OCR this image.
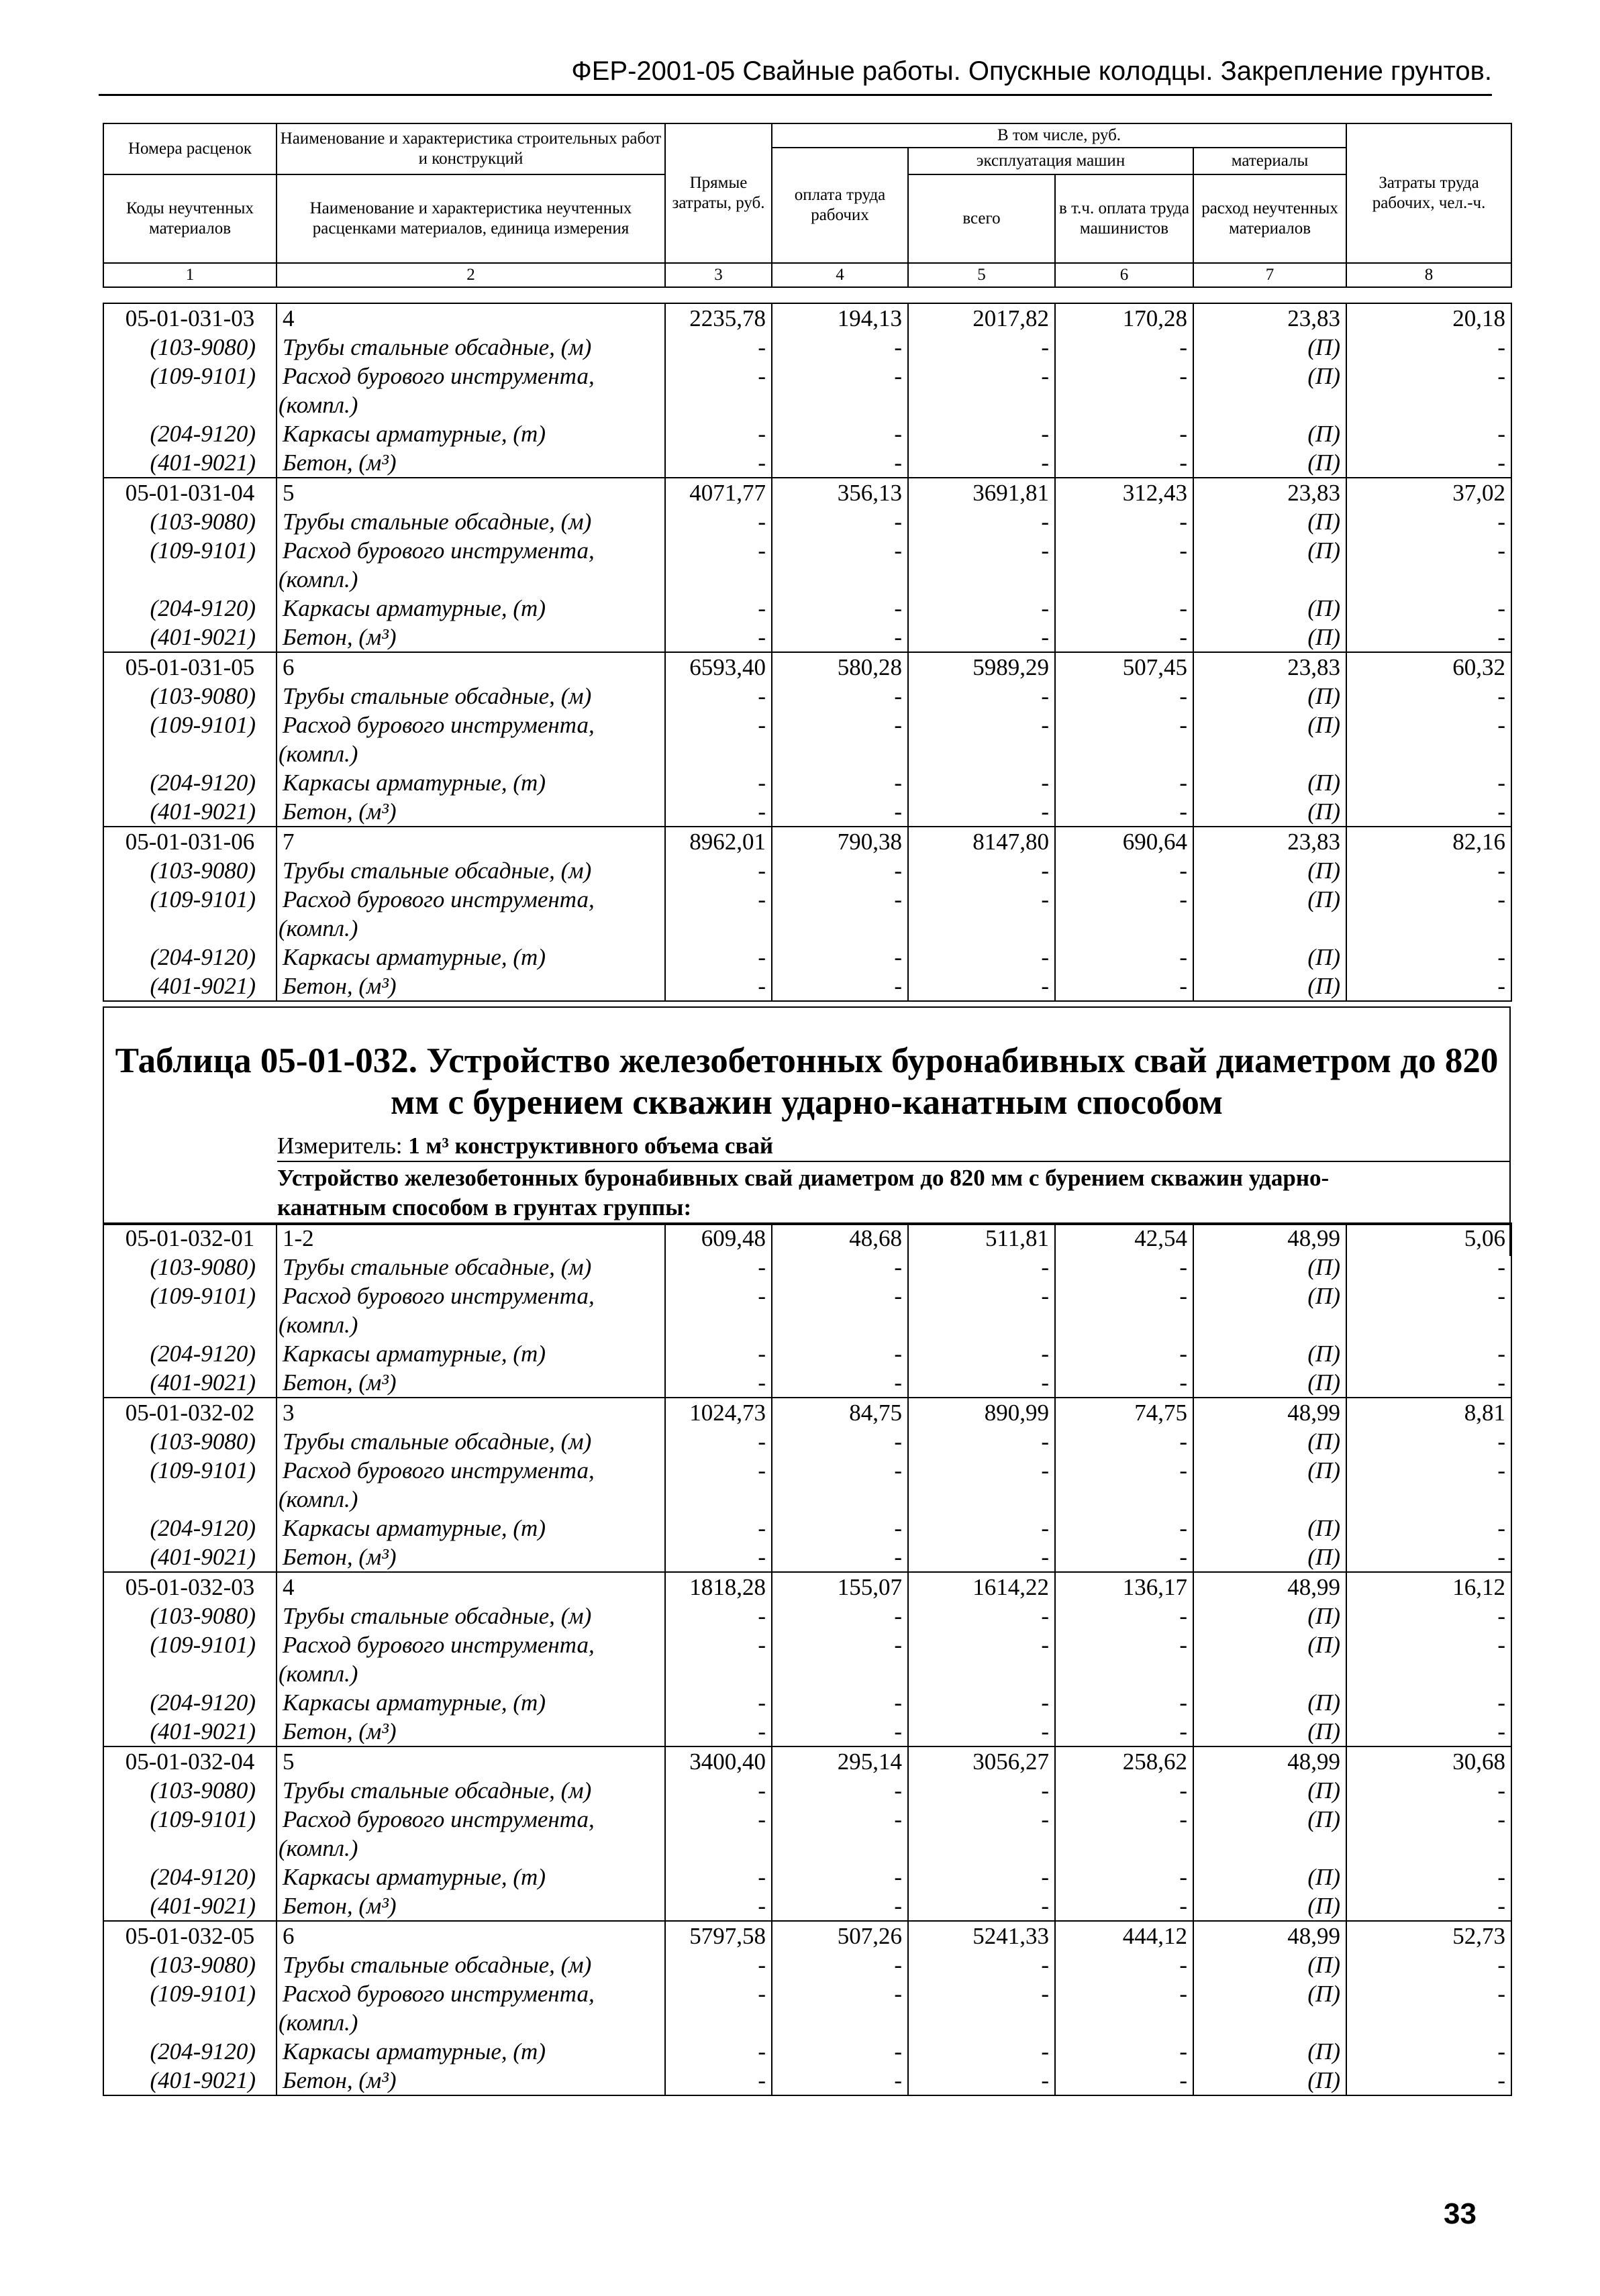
ФЕР-2001-05 Свайные работы. Опускные колодцы. Закрепление грунтов.
Номера расценок	Наименование и характеристика строительных работ и конструкций	Прямые затраты, руб.	В том числе, руб.				Затраты труда рабочих, чел.-ч.
			оплата труда рабочих	эксплуатация машин		материалы	
Коды неучтенных материалов	Наименование и характеристика неучтенных расценками материалов, единица измерения			всего	в т.ч. оплата труда машинистов	расход неучтенных материалов	

1	2	3	4	5	6	7	8
05-01-031-03	4	2235,78	194,13	2017,82	170,28	23,83	20,18
(103-9080)	Трубы стальные обсадные, (м)	-	-	-	-	(П)	-
(109-9101)	Расход бурового инструмента,	-	-	-	-	(П)	-
	(компл.)						
(204-9120)	Каркасы арматурные, (т)	-	-	-	-	(П)	-
(401-9021)	Бетон, (м³)	-	-	-	-	(П)	-
05-01-031-04	5	4071,77	356,13	3691,81	312,43	23,83	37,02
(103-9080)	Трубы стальные обсадные, (м)	-	-	-	-	(П)	-
(109-9101)	Расход бурового инструмента,	-	-	-	-	(П)	-
	(компл.)						
(204-9120)	Каркасы арматурные, (т)	-	-	-	-	(П)	-
(401-9021)	Бетон, (м³)	-	-	-	-	(П)	-
05-01-031-05	6	6593,40	580,28	5989,29	507,45	23,83	60,32
(103-9080)	Трубы стальные обсадные, (м)	-	-	-	-	(П)	-
(109-9101)	Расход бурового инструмента,	-	-	-	-	(П)	-
	(компл.)						
(204-9120)	Каркасы арматурные, (т)	-	-	-	-	(П)	-
(401-9021)	Бетон, (м³)	-	-	-	-	(П)	-
05-01-031-06	7	8962,01	790,38	8147,80	690,64	23,83	82,16
(103-9080)	Трубы стальные обсадные, (м)	-	-	-	-	(П)	-
(109-9101)	Расход бурового инструмента,	-	-	-	-	(П)	-
	(компл.)						
(204-9120)	Каркасы арматурные, (т)	-	-	-	-	(П)	-
(401-9021)	Бетон, (м³)	-	-	-	-	(П)	-
Таблица 05-01-032. Устройство железобетонных буронабивных свай диаметром до 820 мм с бурением скважин ударно-канатным способом
Измеритель: 1 м³ конструктивного объема свай
Устройство железобетонных буронабивных свай диаметром до 820 мм с бурением скважин ударно-канатным способом в грунтах группы:
05-01-032-01	1-2	609,48	48,68	511,81	42,54	48,99	5,06
(103-9080)	Трубы стальные обсадные, (м)	-	-	-	-	(П)	-
(109-9101)	Расход бурового инструмента,	-	-	-	-	(П)	-
	(компл.)						
(204-9120)	Каркасы арматурные, (т)	-	-	-	-	(П)	-
(401-9021)	Бетон, (м³)	-	-	-	-	(П)	-
05-01-032-02	3	1024,73	84,75	890,99	74,75	48,99	8,81
(103-9080)	Трубы стальные обсадные, (м)	-	-	-	-	(П)	-
(109-9101)	Расход бурового инструмента,	-	-	-	-	(П)	-
	(компл.)						
(204-9120)	Каркасы арматурные, (т)	-	-	-	-	(П)	-
(401-9021)	Бетон, (м³)	-	-	-	-	(П)	-
05-01-032-03	4	1818,28	155,07	1614,22	136,17	48,99	16,12
(103-9080)	Трубы стальные обсадные, (м)	-	-	-	-	(П)	-
(109-9101)	Расход бурового инструмента,	-	-	-	-	(П)	-
	(компл.)						
(204-9120)	Каркасы арматурные, (т)	-	-	-	-	(П)	-
(401-9021)	Бетон, (м³)	-	-	-	-	(П)	-
05-01-032-04	5	3400,40	295,14	3056,27	258,62	48,99	30,68
(103-9080)	Трубы стальные обсадные, (м)	-	-	-	-	(П)	-
(109-9101)	Расход бурового инструмента,	-	-	-	-	(П)	-
	(компл.)						
(204-9120)	Каркасы арматурные, (т)	-	-	-	-	(П)	-
(401-9021)	Бетон, (м³)	-	-	-	-	(П)	-
05-01-032-05	6	5797,58	507,26	5241,33	444,12	48,99	52,73
(103-9080)	Трубы стальные обсадные, (м)	-	-	-	-	(П)	-
(109-9101)	Расход бурового инструмента,	-	-	-	-	(П)	-
	(компл.)						
(204-9120)	Каркасы арматурные, (т)	-	-	-	-	(П)	-
(401-9021)	Бетон, (м³)	-	-	-	-	(П)	-
33
